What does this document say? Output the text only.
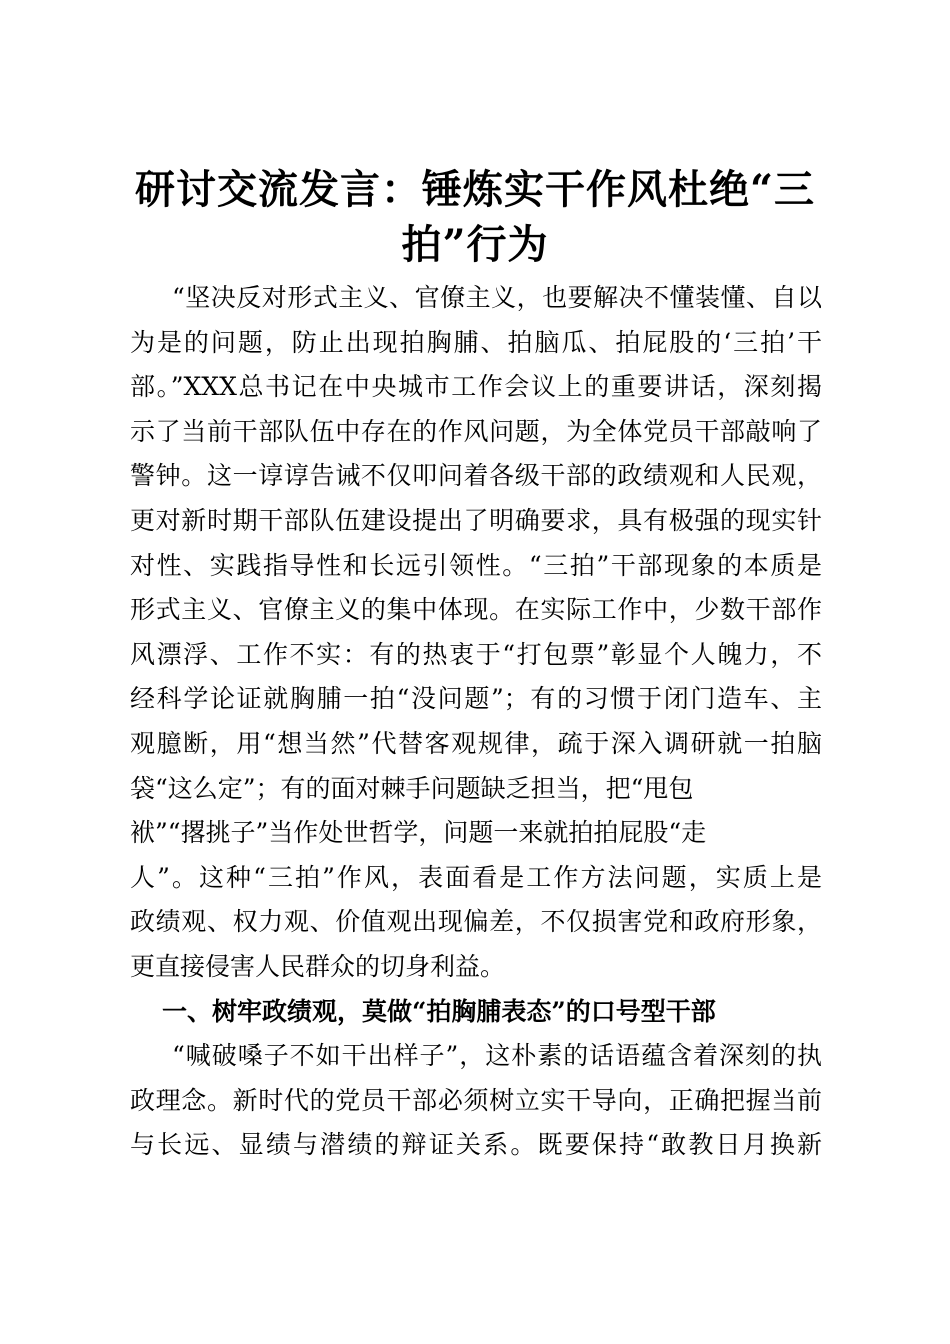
研讨交流发言：锤炼实干作风杜绝“三
拍”行为
“坚决反对形式主义、官僚主义，也要解决不懂装懂、自以
为是的问题，防止出现拍胸脯、拍脑瓜、拍屁股的‘三拍’干
部。”XXX总书记在中央城市工作会议上的重要讲话，深刻揭
示了当前干部队伍中存在的作风问题，为全体党员干部敲响了
警钟。这一谆谆告诫不仅叩问着各级干部的政绩观和人民观，
更对新时期干部队伍建设提出了明确要求，具有极强的现实针
对性、实践指导性和长远引领性。“三拍”干部现象的本质是
形式主义、官僚主义的集中体现。在实际工作中，少数干部作
风漂浮、工作不实：有的热衷于“打包票”彰显个人魄力，不
经科学论证就胸脯一拍“没问题”；有的习惯于闭门造车、主
观臆断，用“想当然”代替客观规律，疏于深入调研就一拍脑
袋“这么定”；有的面对棘手问题缺乏担当，把“甩包
袱”“撂挑子”当作处世哲学，问题一来就拍拍屁股“走
人”。这种“三拍”作风，表面看是工作方法问题，实质上是
政绩观、权力观、价值观出现偏差，不仅损害党和政府形象，
更直接侵害人民群众的切身利益。
一、树牢政绩观，莫做“拍胸脯表态”的口号型干部
“喊破嗓子不如干出样子”，这朴素的话语蕴含着深刻的执
政理念。新时代的党员干部必须树立实干导向，正确把握当前
与长远、显绩与潜绩的辩证关系。既要保持“敢教日月换新
